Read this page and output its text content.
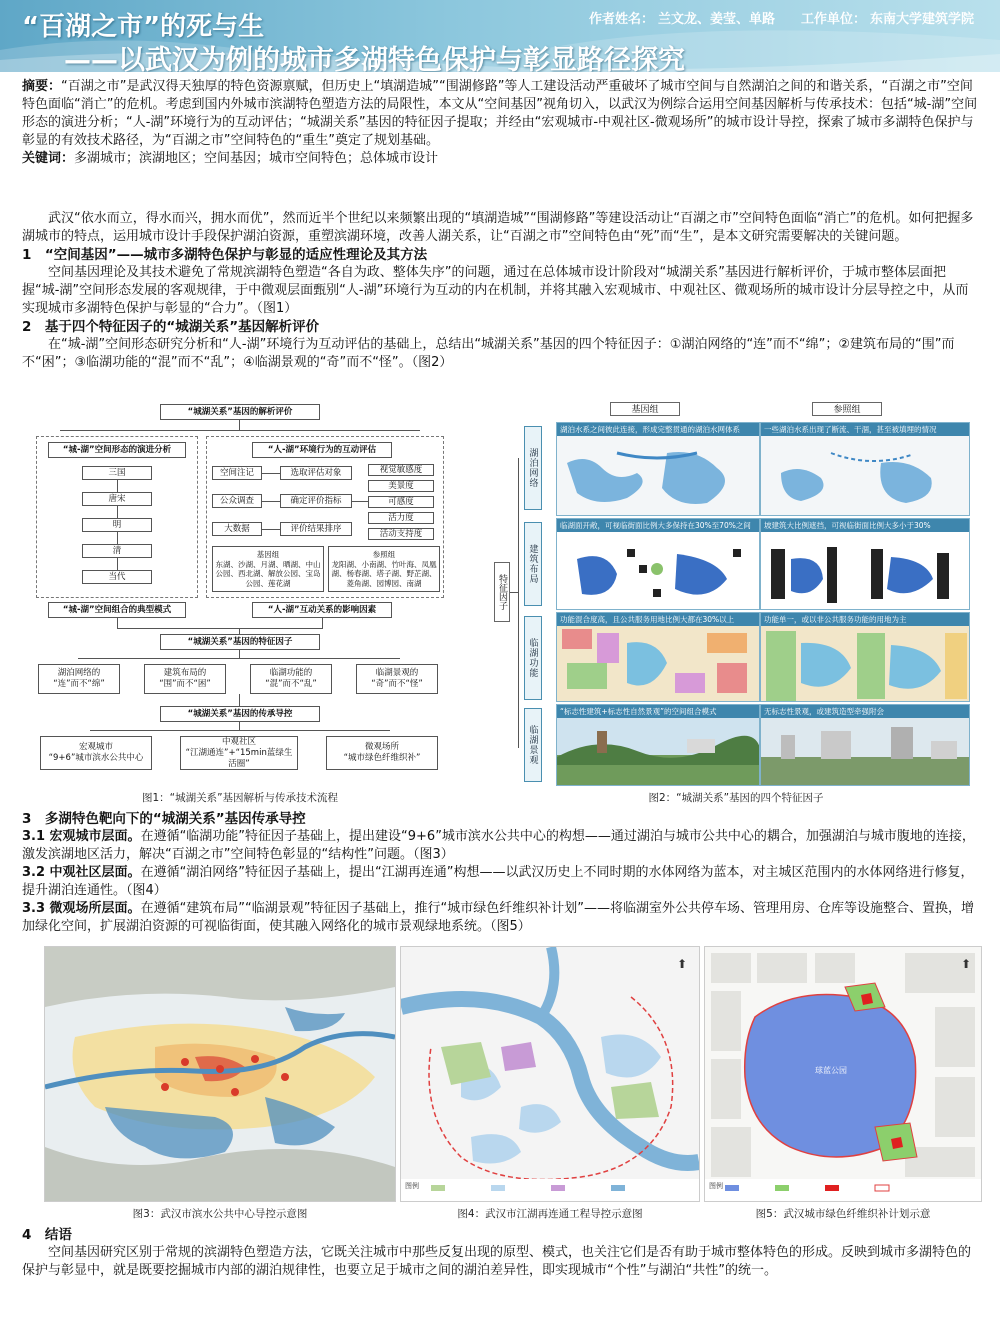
“百湖之市”的死与生
——以武汉为例的城市多湖特色保护与彰显路径探究
作者姓名： 兰文龙、姜莹、单路 工作单位： 东南大学建筑学院

摘要：“百湖之市”是武汉得天独厚的特色资源禀赋，但历史上“填湖造城”“围湖修路”等人工建设活动严重破坏了城市空间与自然湖泊之间的和谐关系，“百湖之市”空间特色面临“消亡”的危机。考虑到国内外城市滨湖特色塑造方法的局限性，本文从“空间基因”视角切入，以武汉为例综合运用空间基因解析与传承技术：包括“城-湖”空间形态的演进分析；“人-湖”环境行为的互动评估；“城湖关系”基因的特征因子提取；并经由“宏观城市-中观社区-微观场所”的城市设计导控，探索了城市多湖特色保护与彰显的有效技术路径，为“百湖之市”空间特色的“重生”奠定了规划基础。

关键词：多湖城市；滨湖地区；空间基因；城市空间特色；总体城市设计

武汉“依水而立，得水而兴，拥水而优”，然而近半个世纪以来频繁出现的“填湖造城”“围湖修路”等建设活动让“百湖之市”空间特色面临“消亡”的危机。如何把握多湖城市的特点，运用城市设计手段保护湖泊资源，重塑滨湖环境，改善人湖关系，让“百湖之市”空间特色由“死”而“生”，是本文研究需要解决的关键问题。

1　“空间基因”——城市多湖特色保护与彰显的适应性理论及其方法

空间基因理论及其技术避免了常规滨湖特色塑造“各自为政、整体失序”的问题，通过在总体城市设计阶段对“城湖关系”基因进行解析评价，于城市整体层面把握“城-湖”空间形态发展的客观规律，于中微观层面甄别“人-湖”环境行为互动的内在机制，并将其融入宏观城市、中观社区、微观场所的城市设计分层导控之中，从而实现城市多湖特色保护与彰显的“合力”。（图1）

2　基于四个特征因子的“城湖关系”基因解析评价

在“城-湖”空间形态研究分析和“人-湖”环境行为互动评估的基础上，总结出“城湖关系”基因的四个特征因子：①湖泊网络的“连”而不“绵”；②建筑布局的“围”而不“困”；③临湖功能的“混”而不“乱”；④临湖景观的“奇”而不“怪”。（图2）

“城湖关系”基因的解析评价
“城-湖”空间形态的演进分析
三国
唐宋
明
清
当代
“人-湖”环境行为的互动评估
空间注记
公众调查
大数据
选取评估对象
确定评价指标
评价结果排序
视觉敏感度
美景度
可感度
活力度
活动支持度
基因组
东湖、沙湖、月湖、晒湖、中山公园、西北湖、解放公园、宝岛公园、莲花湖
参照组
龙阳湖、小南湖、竹叶海、凤凰湖、杨春湖、塔子湖、野芷湖、菱角湖、园博园、南湖
“城-湖”空间组合的典型模式	“人-湖”互动关系的影响因素
“城湖关系”基因的特征因子
湖泊网络的
“连”而不“绵”
建筑布局的
“围”而不“困”
临湖功能的
“混”而不“乱”
临湖景观的
“奇”而不“怪”
“城湖关系”基因的传承导控
宏观城市
“9+6”城市滨水公共中心
中观社区
“江湖通连”+“15min蓝绿生活圈”
微观场所
“城市绿色纤维织补”
图1：“城湖关系”基因解析与传承技术流程
基因组	参照组
特征因子
湖泊网络
湖泊水系之间彼此连接，形成完整贯通的湖泊水网体系	一些湖泊水系出现了断流、干涸，甚至被填埋的情况
建筑布局
临湖面开敞，可视临街面比例大多保持在30%至70%之间	坡建筑大比例遮挡，可视临街面比例大多小于30%
临湖功能
功能混合度高，且公共服务用地比例大都在30%以上	功能单一，或以非公共服务功能的用地为主
临湖景观
“标志性建筑+标志性自然景观”的空间组合模式	无标志性景观，或建筑造型牵强附会
图2：“城湖关系”基因的四个特征因子

3　多湖特色靶向下的“城湖关系”基因传承导控

3.1 宏观城市层面。在遵循“临湖功能”特征因子基础上，提出建设“9+6”城市滨水公共中心的构想——通过湖泊与城市公共中心的耦合，加强湖泊与城市腹地的连接，激发滨湖地区活力，解决“百湖之市”空间特色彰显的“结构性”问题。（图3）

3.2 中观社区层面。在遵循“湖泊网络”特征因子基础上，提出“江湖再连通”构想——以武汉历史上不同时期的水体网络为蓝本，对主城区范围内的水体网络进行修复，提升湖泊连通性。（图4）

3.3 微观场所层面。在遵循“建筑布局”“临湖景观”特征因子基础上，推行“城市绿色纤维织补计划”——将临湖室外公共停车场、管理用房、仓库等设施整合、置换，增加绿化空间，扩展湖泊资源的可视临街面，使其融入网络化的城市景观绿地系统。（图5）

图3：武汉市滨水公共中心导控示意图
图例
⬆
图4：武汉市江湖再连通工程导控示意图
球蓝公园
图例
⬆
图5：武汉城市绿色纤维织补计划示意

4　结语

空间基因研究区别于常规的滨湖特色塑造方法，它既关注城市中那些反复出现的原型、模式，也关注它们是否有助于城市整体特色的形成。反映到城市多湖特色的保护与彰显中，就是既要挖掘城市内部的湖泊规律性，也要立足于城市之间的湖泊差异性，即实现城市“个性”与湖泊“共性”的统一。
